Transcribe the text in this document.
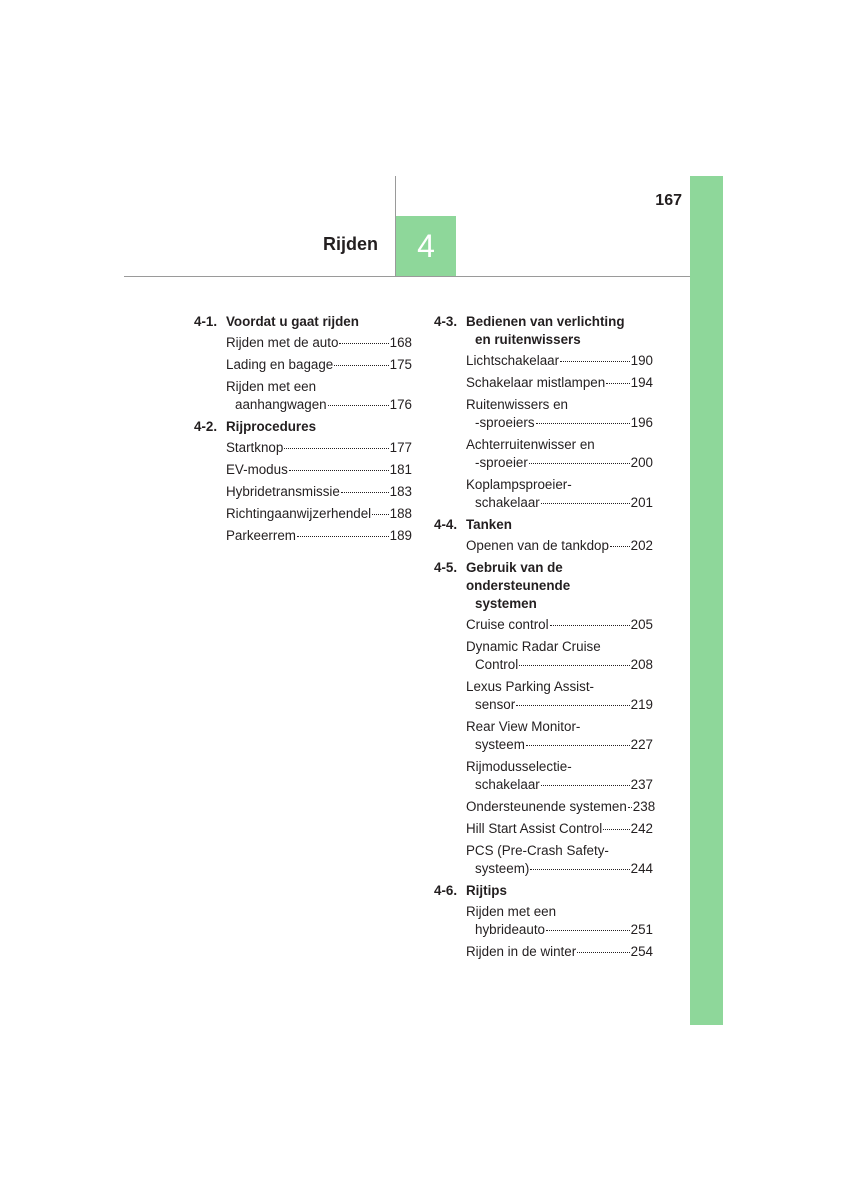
167
Rijden 4
4-1. Voordat u gaat rijden
Rijden met de auto	168
Lading en bagage	175
Rijden met een
aanhangwagen	176
4-2. Rijprocedures
Startknop	177
EV-modus	181
Hybridetransmissie	183
Richtingaanwijzerhendel 188
Parkeerrem	189
4-3. Bedienen van verlichting
en ruitenwissers
Lichtschakelaar	190
Schakelaar mistlampen 194
Ruitenwissers en
-sproeiers	196
Achterruitenwisser en
-sproeier	200
Koplampsproeier-
schakelaar	201
4-4. Tanken
Openen van de tankdop 202
4-5. Gebruik van de ondersteunende
systemen
Cruise control	205
Dynamic Radar Cruise
Control	208
Lexus Parking Assist-
sensor	219
Rear View Monitor-
systeem	227
Rijmodusselectie-
schakelaar	237
Ondersteunende systemen 238
Hill Start Assist Control 242
PCS (Pre-Crash Safety-
systeem)	244
4-6. Rijtips
Rijden met een
hybrideauto	251
Rijden in de winter	254
